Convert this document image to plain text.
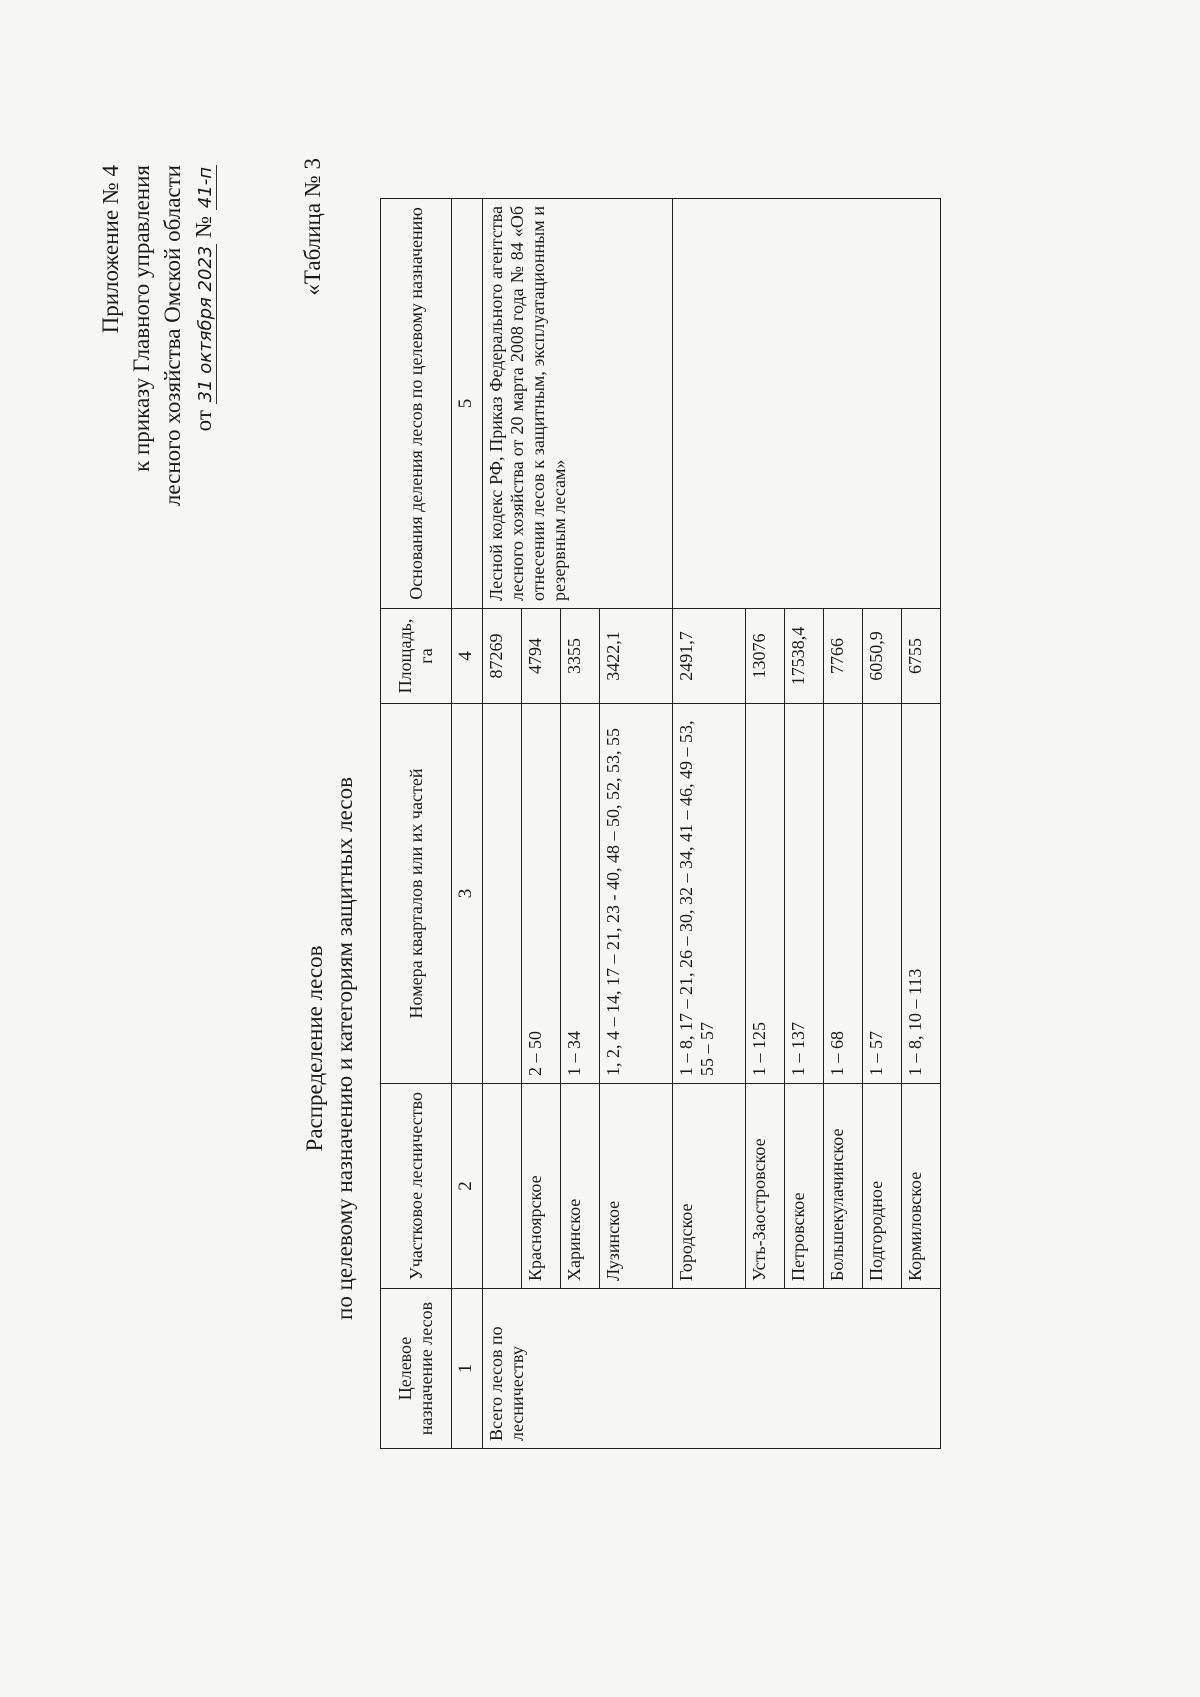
Приложение № 4 к приказу Главного управления лесного хозяйства Омской области от 31 октября 2023 № 41-п	«Таблица № 3
Распределение лесов по целевому назначению и категориям защитных лесов
Целевое назначение лесов	Участковое лесничество	Номера кварталов или их частей	Площадь, га	Основания деления лесов по целевому назначению
1	2	3	4	5
Всего лесов по лесничеству			87269	Лесной кодекс РФ, Приказ Федерального агентства лесного хозяйства от 20 марта 2008 года № 84 «Об отнесении лесов к защитным, эксплуатационным и резервным лесам»
	Красноярское	2 – 50	4794	
	Харинское	1 – 34	3355	
	Лузинское	1, 2, 4 – 14, 17 – 21, 23 - 40, 48 – 50, 52, 53, 55	3422,1	
	Городское	1 – 8, 17 – 21, 26 – 30, 32 – 34, 41 – 46, 49 – 53, 55 – 57	2491,7	
	Усть-Заостровское	1 – 125	13076	
	Петровское	1 – 137	17538,4	
	Большекулачинское	1 – 68	7766	
	Подгородное	1 – 57	6050,9	
	Кормиловское	1 – 8, 10 – 113	6755	
